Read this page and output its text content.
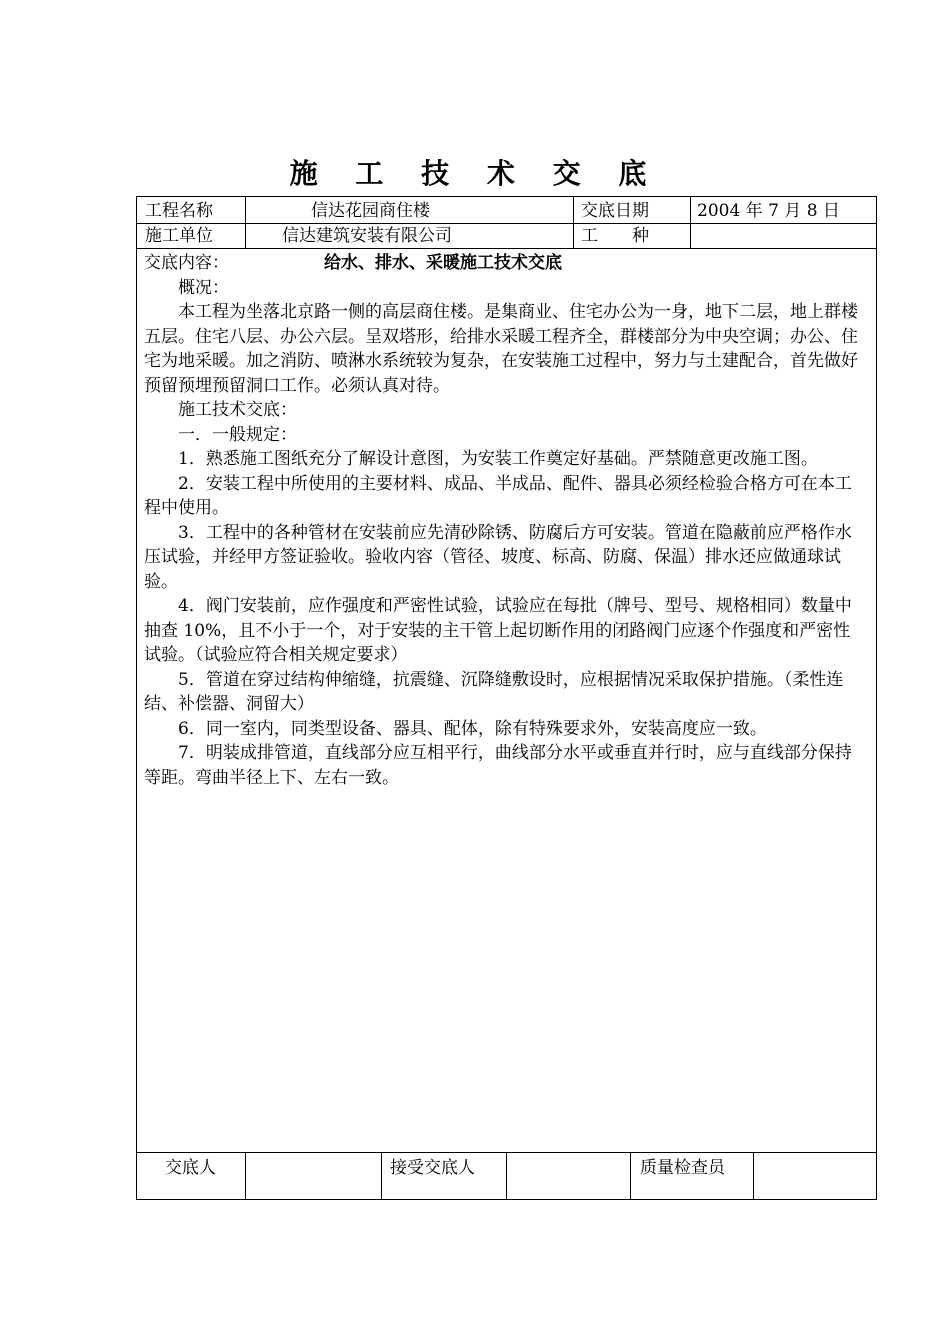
施 工 技 术 交 底
工程名称	信达花园商住楼	交底日期	2004 年 7 月 8 日
施工单位	信达建筑安装有限公司	工　　种
交底内容：	给水、排水、采暖施工技术交底
概况：

本工程为坐落北京路一侧的高层商住楼。是集商业、住宅办公为一身，地下二层，地上群楼五层。住宅八层、办公六层。呈双塔形，给排水采暖工程齐全，群楼部分为中央空调；办公、住宅为地采暖。加之消防、喷淋水系统较为复杂，在安装施工过程中，努力与土建配合，首先做好预留预埋预留洞口工作。必须认真对待。

施工技术交底：
一．一般规定：

1．熟悉施工图纸充分了解设计意图，为安装工作奠定好基础。严禁随意更改施工图。

2．安装工程中所使用的主要材料、成品、半成品、配件、器具必须经检验合格方可在本工程中使用。

3．工程中的各种管材在安装前应先清砂除锈、防腐后方可安装。管道在隐蔽前应严格作水压试验，并经甲方签证验收。验收内容（管径、坡度、标高、防腐、保温）排水还应做通球试验。

4．阀门安装前，应作强度和严密性试验，试验应在每批（牌号、型号、规格相同）数量中抽查 10%，且不小于一个，对于安装的主干管上起切断作用的闭路阀门应逐个作强度和严密性试验。（试验应符合相关规定要求）

5．管道在穿过结构伸缩缝，抗震缝、沉降缝敷设时，应根据情况采取保护措施。（柔性连结、补偿器、洞留大）

6．同一室内，同类型设备、器具、配体，除有特殊要求外，安装高度应一致。

7．明装成排管道，直线部分应互相平行，曲线部分水平或垂直并行时，应与直线部分保持等距。弯曲半径上下、左右一致。

交底人	接受交底人	质量检查员
